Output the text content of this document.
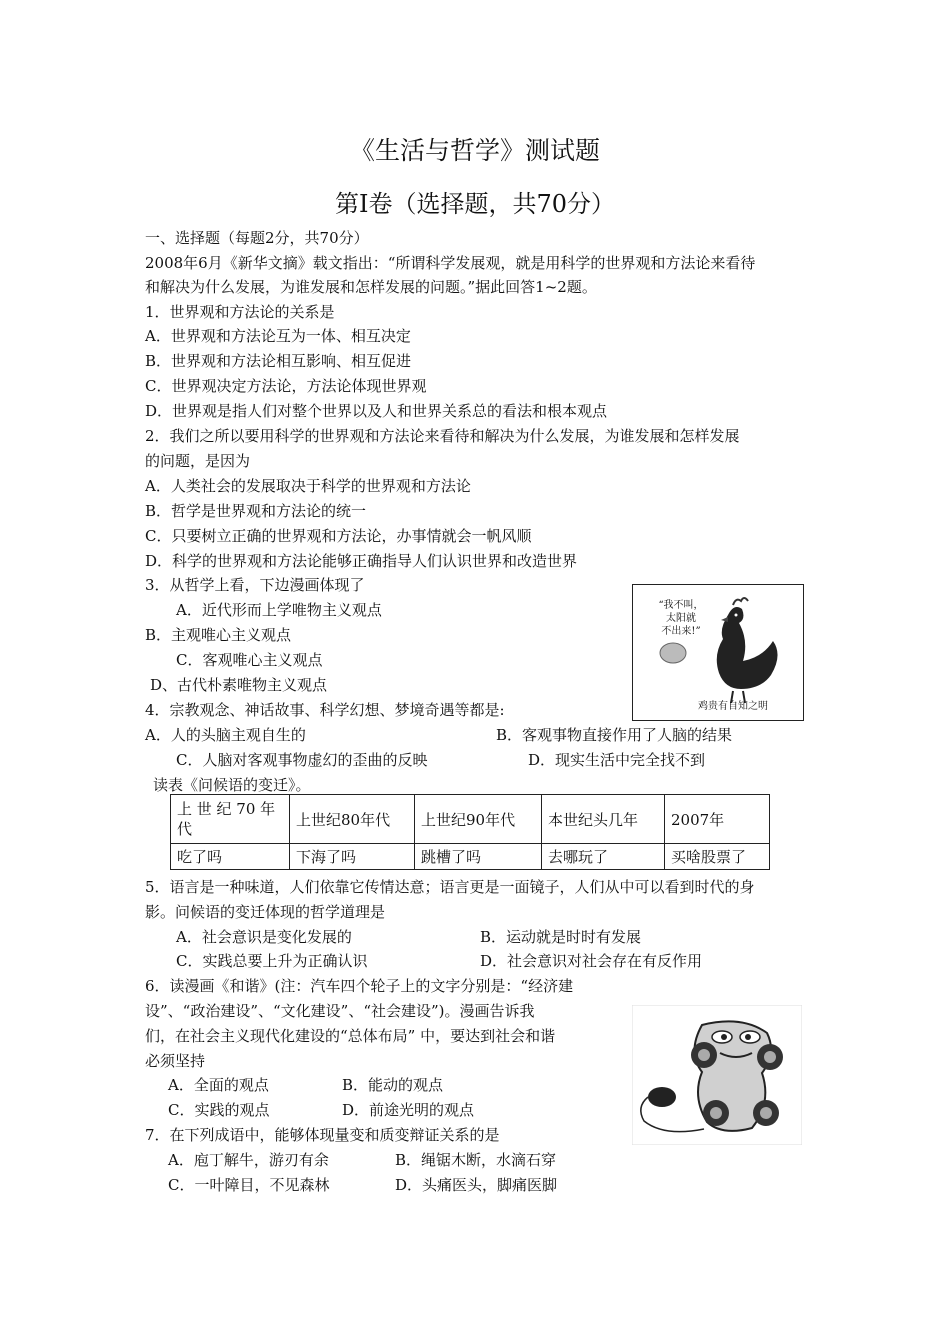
《生活与哲学》测试题
第I卷（选择题，共70分）
一、选择题（每题2分，共70分）
2008年6月《新华文摘》载文指出：“所谓科学发展观，就是用科学的世界观和方法论来看待
和解决为什么发展，为谁发展和怎样发展的问题。”据此回答1~2题。
1．世界观和方法论的关系是
A．世界观和方法论互为一体、相互决定
B．世界观和方法论相互影响、相互促进
C．世界观决定方法论，方法论体现世界观
D．世界观是指人们对整个世界以及人和世界关系总的看法和根本观点
2．我们之所以要用科学的世界观和方法论来看待和解决为什么发展，为谁发展和怎样发展
的问题，是因为
A．人类社会的发展取决于科学的世界观和方法论
B．哲学是世界观和方法论的统一
C．只要树立正确的世界观和方法论，办事情就会一帆风顺
D．科学的世界观和方法论能够正确指导人们认识世界和改造世界
3．从哲学上看，下边漫画体现了
A．近代形而上学唯物主义观点
B．主观唯心主义观点
C．客观唯心主义观点
D、古代朴素唯物主义观点
“我不叫，
太阳就
不出来!”
鸡贵有自知之明
4．宗教观念、神话故事、科学幻想、梦境奇遇等都是:
A．人的头脑主观自生的	B．客观事物直接作用了人脑的结果
C．人脑对客观事物虚幻的歪曲的反映	D．现实生活中完全找不到
读表《问候语的变迁》。
上 世 纪 70 年
代	上世纪80年代	上世纪90年代	本世纪头几年	2007年
吃了吗	下海了吗	跳槽了吗	去哪玩了	买啥股票了
5．语言是一种味道，人们依靠它传情达意；语言更是一面镜子，人们从中可以看到时代的身
影。问候语的变迁体现的哲学道理是
A．社会意识是变化发展的	B．运动就是时时有发展
C．实践总要上升为正确认识	D．社会意识对社会存在有反作用
6．读漫画《和谐》(注：汽车四个轮子上的文字分别是：“经济建
设”、“政治建设”、“文化建设”、“社会建设”)。漫画告诉我
们，在社会主义现代化建设的“总体布局” 中，要达到社会和谐
必须坚持
A．全面的观点	B．能动的观点
C．实践的观点	D．前途光明的观点
7．在下列成语中，能够体现量变和质变辩证关系的是
A．庖丁解牛，游刃有余	B．绳锯木断，水滴石穿
C．一叶障目，不见森林	D．头痛医头，脚痛医脚
